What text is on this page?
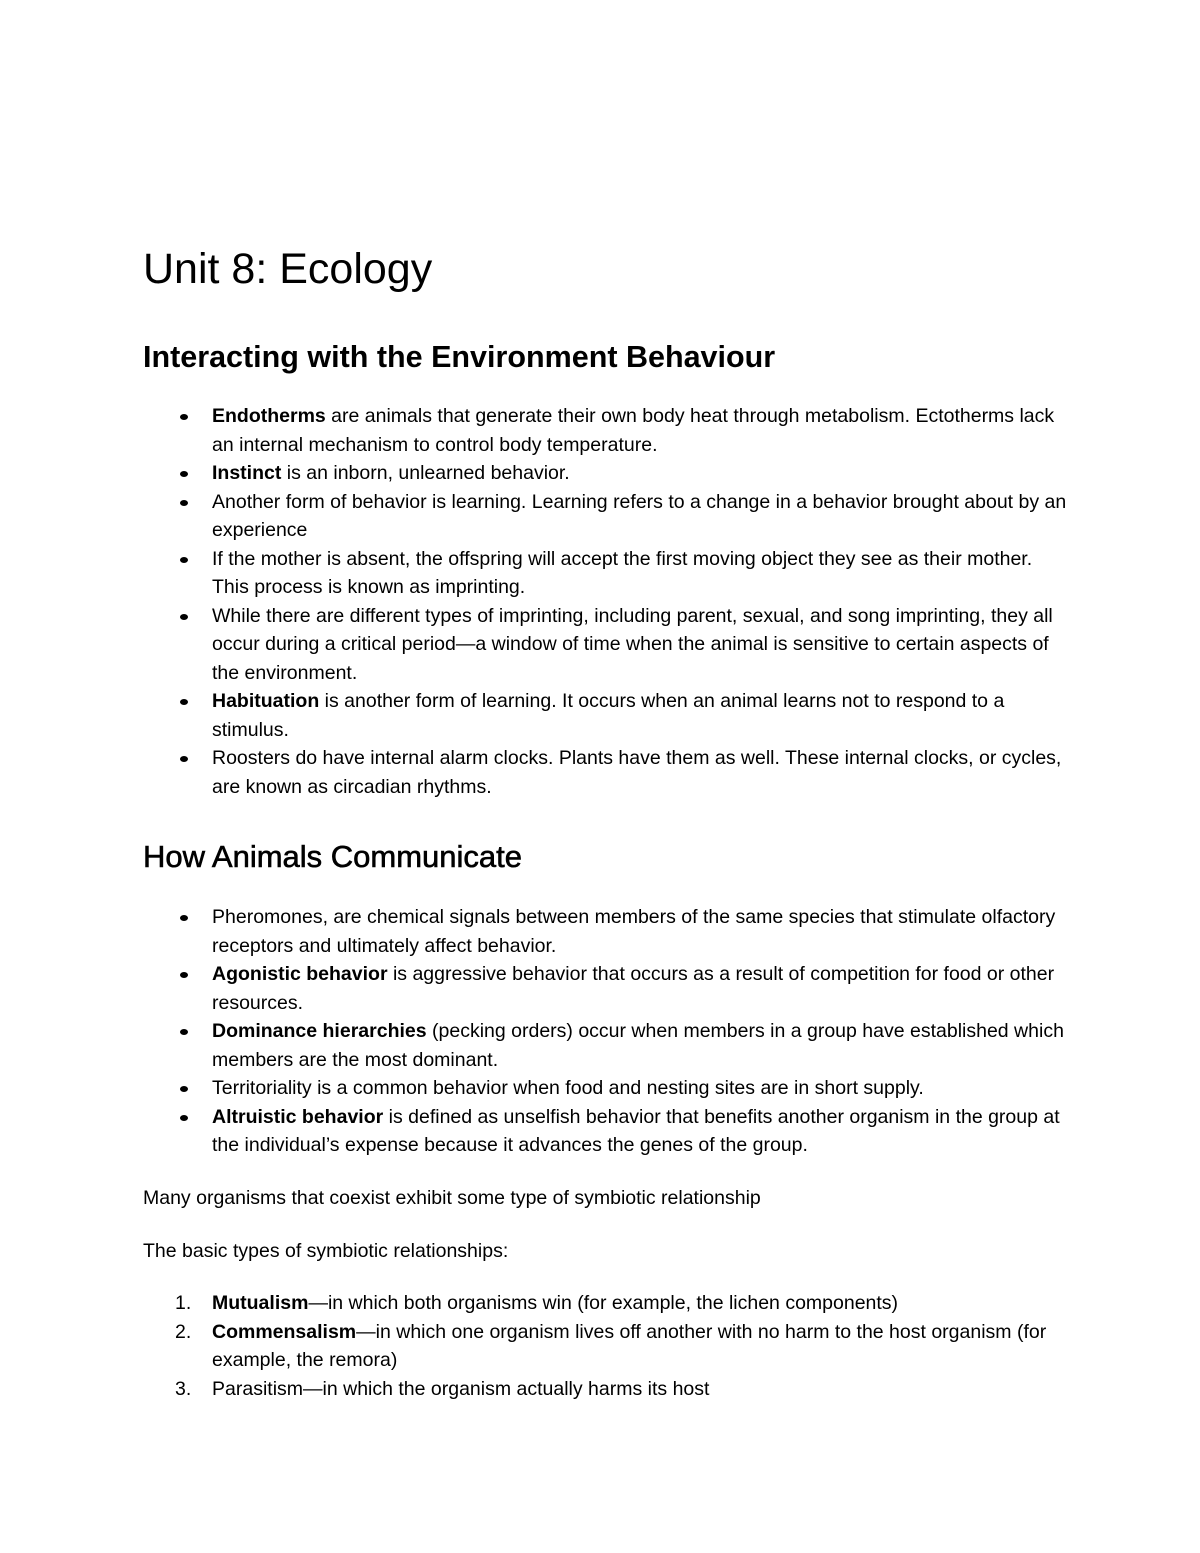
Unit 8: Ecology
Interacting with the Environment Behaviour
Endotherms are animals that generate their own body heat through metabolism. Ectotherms lack an internal mechanism to control body temperature.
Instinct is an inborn, unlearned behavior.
Another form of behavior is learning. Learning refers to a change in a behavior brought about by an experience
If the mother is absent, the offspring will accept the first moving object they see as their mother. This process is known as imprinting.
While there are different types of imprinting, including parent, sexual, and song imprinting, they all occur during a critical period—a window of time when the animal is sensitive to certain aspects of the environment.
Habituation is another form of learning. It occurs when an animal learns not to respond to a stimulus.
Roosters do have internal alarm clocks. Plants have them as well. These internal clocks, or cycles, are known as circadian rhythms.
How Animals Communicate
Pheromones, are chemical signals between members of the same species that stimulate olfactory receptors and ultimately affect behavior.
Agonistic behavior is aggressive behavior that occurs as a result of competition for food or other resources.
Dominance hierarchies (pecking orders) occur when members in a group have established which members are the most dominant.
Territoriality is a common behavior when food and nesting sites are in short supply.
Altruistic behavior is defined as unselfish behavior that benefits another organism in the group at the individual’s expense because it advances the genes of the group.

Many organisms that coexist exhibit some type of symbiotic relationship

The basic types of symbiotic relationships:

1. Mutualism—in which both organisms win (for example, the lichen components)
2. Commensalism—in which one organism lives off another with no harm to the host organism (for example, the remora)
3. Parasitism—in which the organism actually harms its host
